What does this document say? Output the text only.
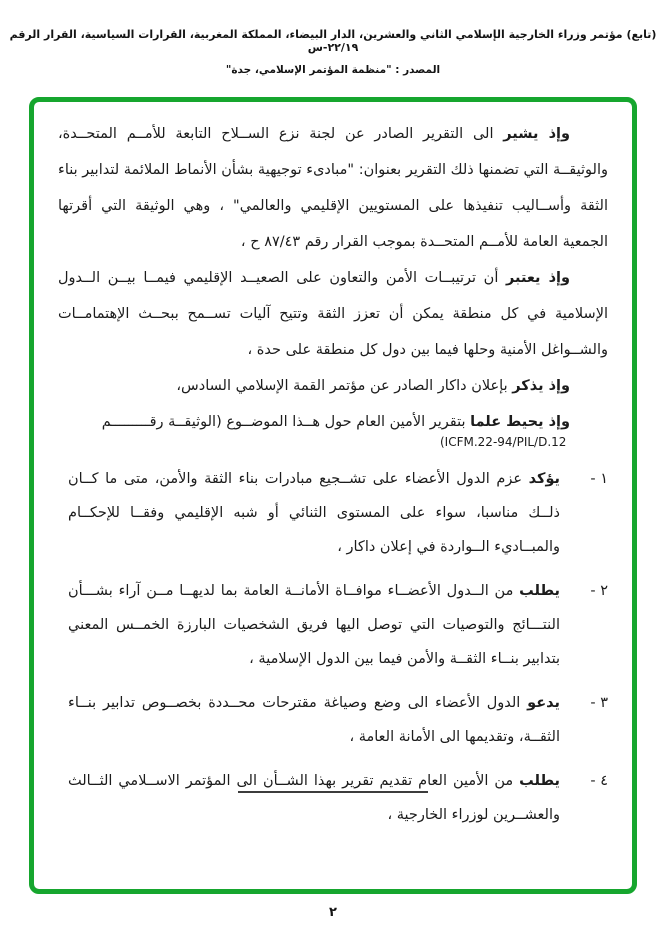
(تابع) مؤتمر وزراء الخارجية الإسلامي الثاني والعشرين، الدار البيضاء، المملكة المغربية، القرارات السياسية، القرار الرقم ٢٢/١٩-س
المصدر : "منظمة المؤتمر الإسلامي، جدة"

وإذ يشير الى التقرير الصادر عن لجنة نزع الســلاح التابعة للأمــم المتحــدة، والوثيقــة التي تضمنها ذلك التقرير بعنوان: "مبادىء توجيهية بشأن الأنماط الملائمة لتدابير بناء الثقة وأســاليب تنفيذها على المستويين الإقليمي والعالمي" ، وهي الوثيقة التي أقرتها الجمعية العامة للأمــم المتحــدة بموجب القرار رقم ٨٧/٤٣ ح ،

وإذ يعتبر أن ترتيبــات الأمن والتعاون على الصعيــد الإقليمي فيمــا بيــن الــدول الإسلامية في كل منطقة يمكن أن تعزز الثقة وتتيح آليات تســمح ببحــث الإهتمامــات والشــواغل الأمنية وحلها فيما بين دول كل منطقة على حدة ،

وإذ يذكر بإعلان داكار الصادر عن مؤتمر القمة الإسلامي السادس،

وإذ يحيط علما بتقرير الأمين العام حول هــذا الموضــوع (الوثيقــة رقـــــــــم

(ICFM.22-94/PIL/D.12
١ -
يؤكد عزم الدول الأعضاء على تشــجيع مبادرات بناء الثقة والأمن، متى ما كــان ذلــك مناسبا، سواء على المستوى الثنائي أو شبه الإقليمي وفقــا للإحكــام والمبــاديء الــواردة في إعلان داكار ،
٢ -
يطلب من الــدول الأعضــاء موافــاة الأمانــة العامة بما لديهــا مــن آراء بشـــأن النتـــائج والتوصيات التي توصل اليها فريق الشخصيات البارزة الخمــس المعني بتدابير بنــاء الثقــة والأمن فيما بين الدول الإسلامية ،
٣ -
يدعو الدول الأعضاء الى وضع وصياغة مقترحات محــددة بخصــوص تدابير بنــاء الثقــة، وتقديمها الى الأمانة العامة ،
٤ -
يطلب من الأمين العام تقديم تقرير بهذا الشــأن الى المؤتمر الاســلامي الثــالث والعشــرين لوزراء الخارجية ،
٢
